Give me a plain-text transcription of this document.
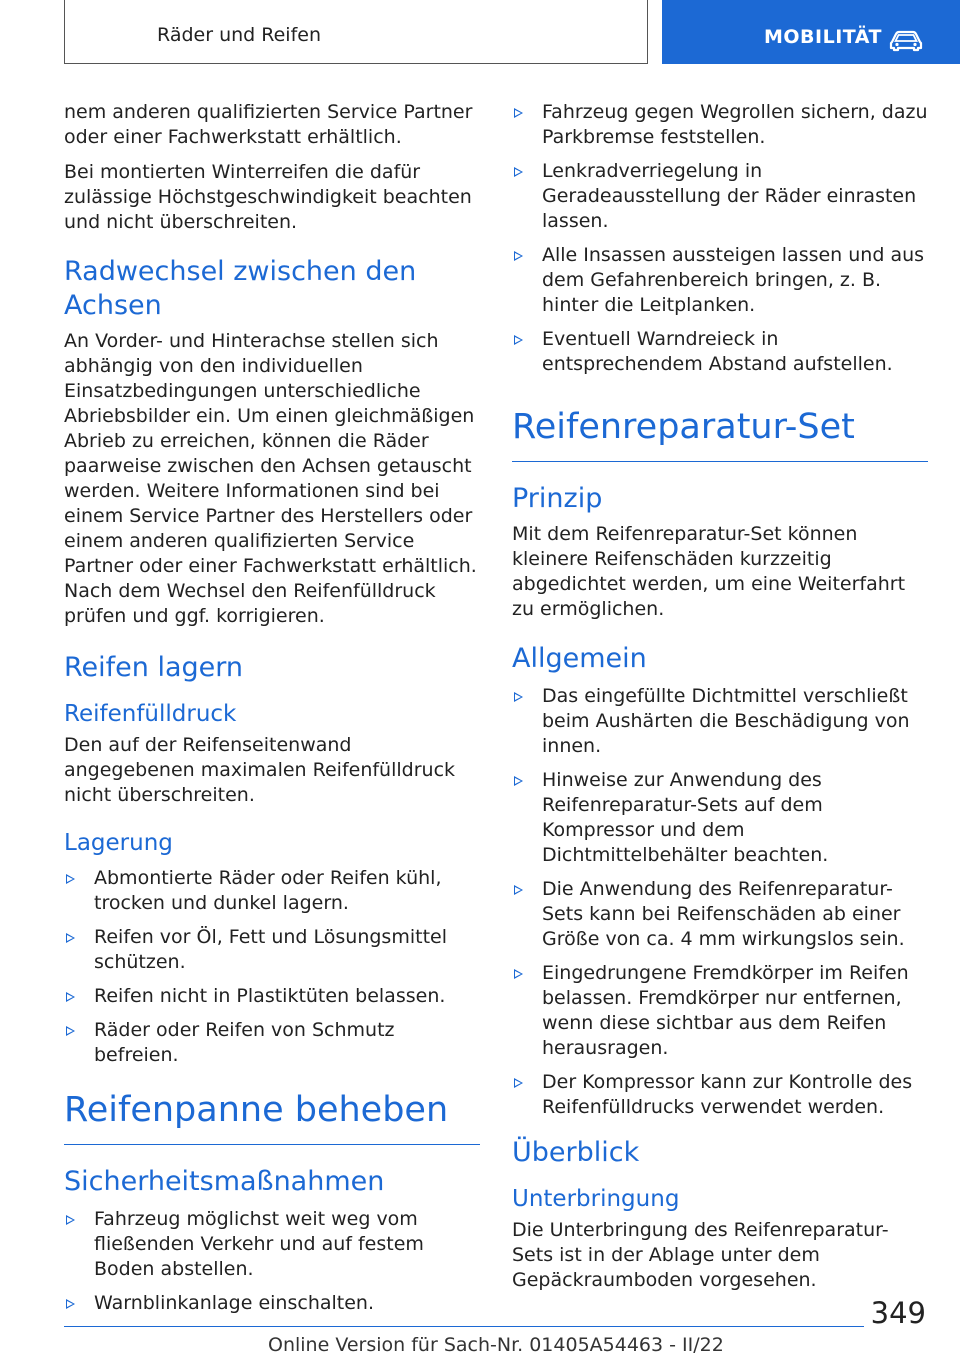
Räder und Reifen	MOBILITÄT

nem anderen qualifizierten Service Partner oder einer Fachwerkstatt erhältlich.

Bei montierten Winterreifen die dafür zulässige Höchstgeschwindigkeit beachten und nicht überschreiten.

Radwechsel zwischen den Achsen

An Vorder- und Hinterachse stellen sich abhängig von den individuellen Einsatzbedingungen unterschiedliche Abriebsbilder ein. Um einen gleichmäßigen Abrieb zu erreichen, können die Räder paarweise zwischen den Achsen getauscht werden. Weitere Informationen sind bei einem Service Partner des Herstellers oder einem anderen qualifizierten Service Partner oder einer Fachwerkstatt erhältlich. Nach dem Wechsel den Reifenfülldruck prüfen und ggf. korrigieren.

Reifen lagern
Reifenfülldruck

Den auf der Reifenseitenwand angegebenen maximalen Reifenfülldruck nicht überschreiten.

Lagerung
Abmontierte Räder oder Reifen kühl, trocken und dunkel lagern.
Reifen vor Öl, Fett und Lösungsmittel schützen.
Reifen nicht in Plastiktüten belassen.
Räder oder Reifen von Schmutz befreien.
Reifenpanne beheben
Sicherheitsmaßnahmen
Fahrzeug möglichst weit weg vom fließenden Verkehr und auf festem Boden abstellen.
Warnblinkanlage einschalten.
Fahrzeug gegen Wegrollen sichern, dazu Parkbremse feststellen.
Lenkradverriegelung in Geradeausstellung der Räder einrasten lassen.
Alle Insassen aussteigen lassen und aus dem Gefahrenbereich bringen, z. B. hinter die Leitplanken.
Eventuell Warndreieck in entsprechendem Abstand aufstellen.
Reifenreparatur-Set
Prinzip

Mit dem Reifenreparatur-Set können kleinere Reifenschäden kurzzeitig abgedichtet werden, um eine Weiterfahrt zu ermöglichen.

Allgemein
Das eingefüllte Dichtmittel verschließt beim Aushärten die Beschädigung von innen.
Hinweise zur Anwendung des Reifenreparatur-Sets auf dem Kompressor und dem Dichtmittelbehälter beachten.
Die Anwendung des Reifenreparatur-Sets kann bei Reifenschäden ab einer Größe von ca. 4 mm wirkungslos sein.
Eingedrungene Fremdkörper im Reifen belassen. Fremdkörper nur entfernen, wenn diese sichtbar aus dem Reifen herausragen.
Der Kompressor kann zur Kontrolle des Reifenfülldrucks verwendet werden.
Überblick
Unterbringung

Die Unterbringung des Reifenreparatur-Sets ist in der Ablage unter dem Gepäckraumboden vorgesehen.

349
Online Version für Sach-Nr. 01405A54463 - II/22
